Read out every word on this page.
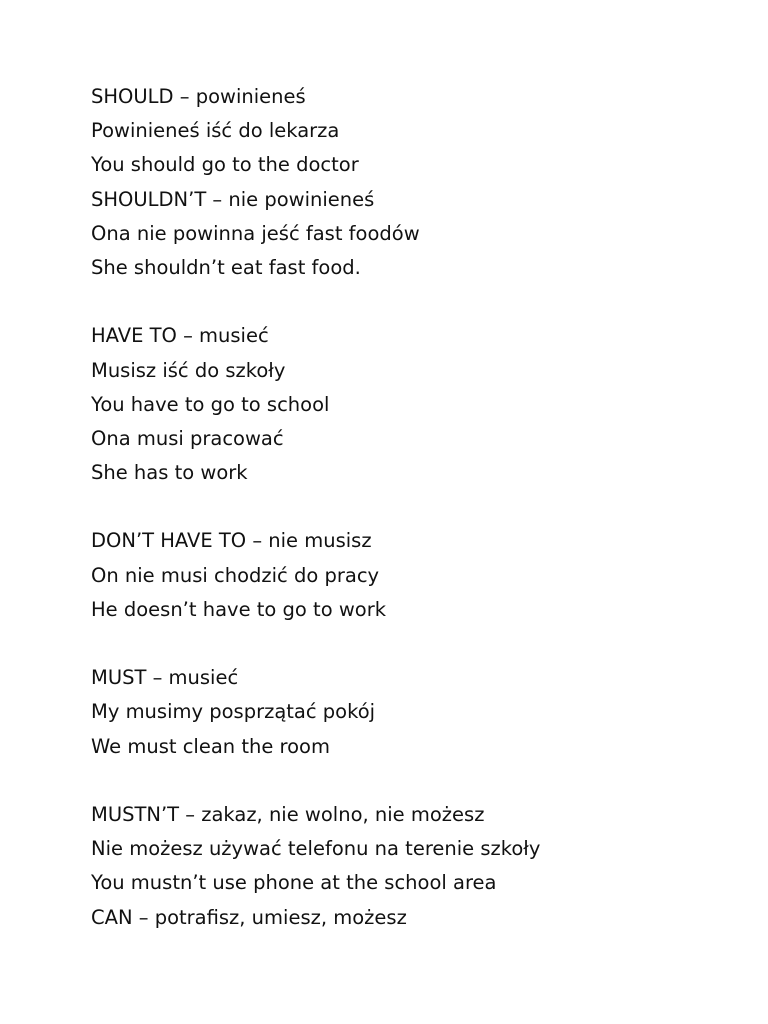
SHOULD – powinieneś
Powinieneś iść do lekarza
You should go to the doctor
SHOULDN’T – nie powinieneś
Ona nie powinna jeść fast foodów
She shouldn’t eat fast food.
HAVE TO – musieć
Musisz iść do szkoły
You have to go to school
Ona musi pracować
She has to work
DON’T HAVE TO – nie musisz
On nie musi chodzić do pracy
He doesn’t have to go to work
MUST – musieć
My musimy posprzątać pokój
We must clean the room
MUSTN’T – zakaz, nie wolno, nie możesz
Nie możesz używać telefonu na terenie szkoły
You mustn’t use phone at the school area
CAN – potrafisz, umiesz, możesz
